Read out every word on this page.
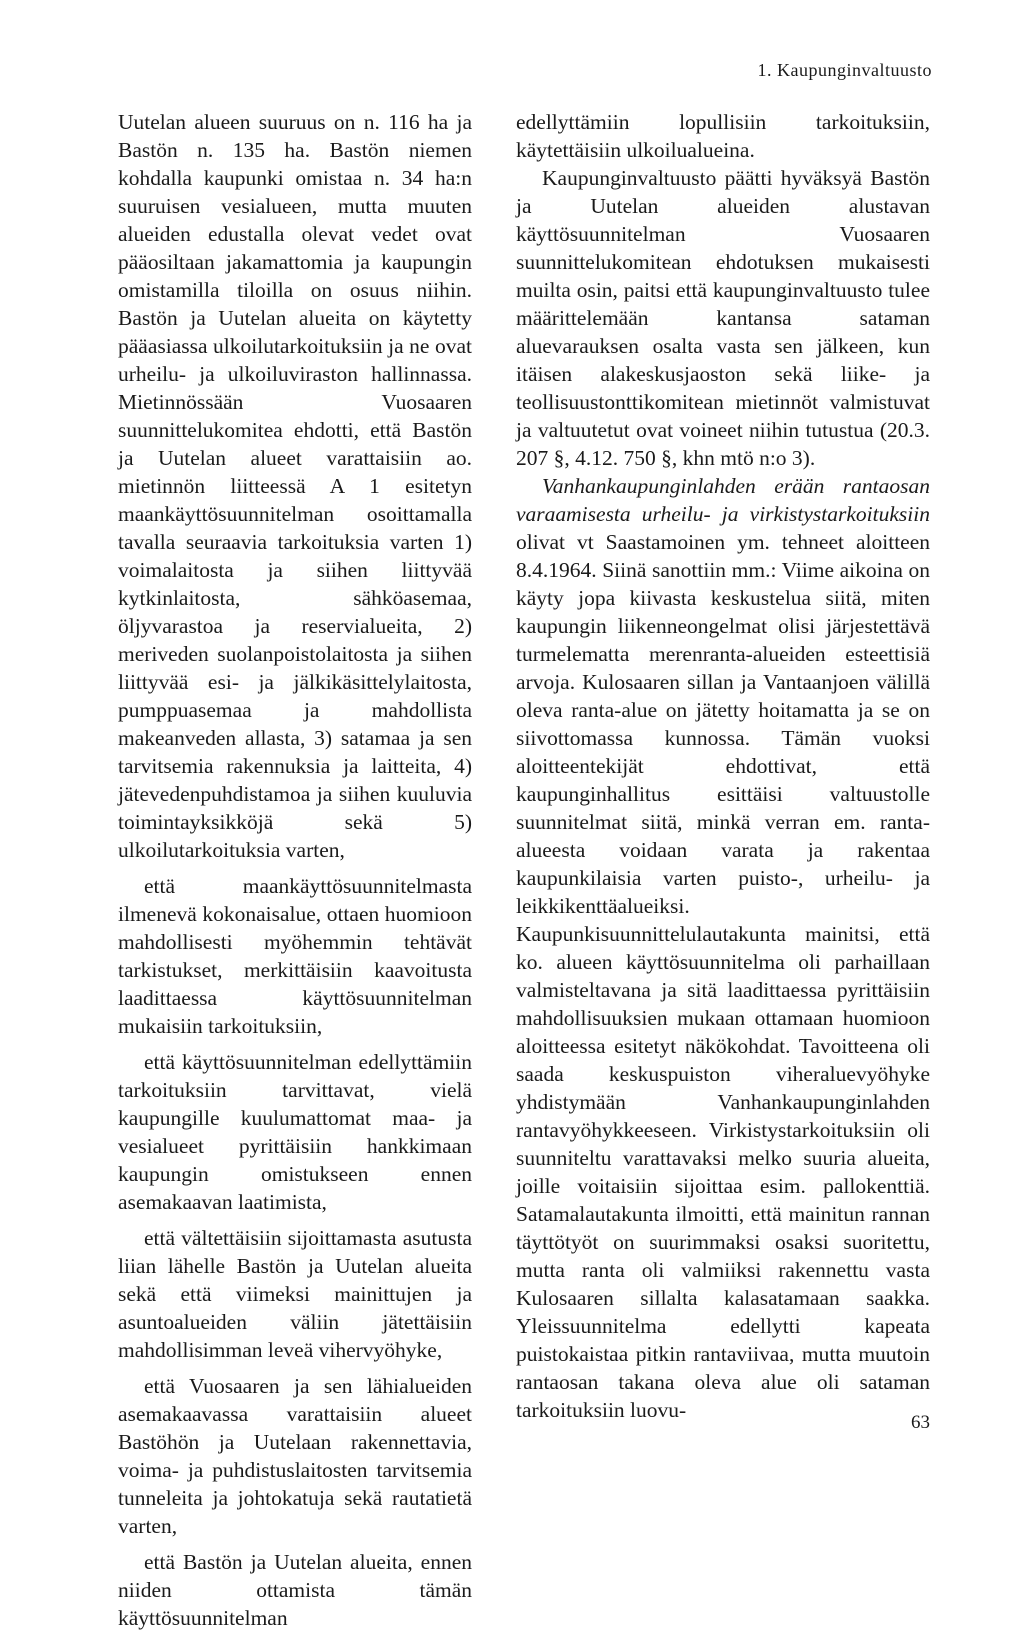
1. Kaupunginvaltuusto

Uutelan alueen suuruus on n. 116 ha ja Bastön n. 135 ha. Bastön niemen kohdalla kaupunki omistaa n. 34 ha:n suuruisen vesialueen, mutta muuten alueiden edustalla olevat vedet ovat pääosiltaan jakamattomia ja kaupungin omistamilla tiloilla on osuus niihin. Bastön ja Uutelan alueita on käytetty pääasiassa ulkoilutarkoituksiin ja ne ovat urheilu- ja ulkoiluviraston hallinnassa. Mietinnössään Vuosaaren suunnittelukomitea ehdotti, että Bastön ja Uutelan alueet varattaisiin ao. mietinnön liitteessä A 1 esitetyn maankäyttösuunnitelman osoittamalla tavalla seuraavia tarkoituksia varten 1) voimalaitosta ja siihen liittyvää kytkinlaitosta, sähköasemaa, öljyvarastoa ja reservialueita, 2) meriveden suolanpoistolaitosta ja siihen liittyvää esi- ja jälkikäsittelylaitosta, pumppuasemaa ja mahdollista makeanveden allasta, 3) satamaa ja sen tarvitsemia rakennuksia ja laitteita, 4) jätevedenpuhdistamoa ja siihen kuuluvia toimintayksikköjä sekä 5) ulkoilutarkoituksia varten,

että maankäyttösuunnitelmasta ilmenevä kokonaisalue, ottaen huomioon mahdollisesti myöhemmin tehtävät tarkistukset, merkittäisiin kaavoitusta laadittaessa käyttösuunnitelman mukaisiin tarkoituksiin,

että käyttösuunnitelman edellyttämiin tarkoituksiin tarvittavat, vielä kaupungille kuulumattomat maa- ja vesialueet pyrittäisiin hankkimaan kaupungin omistukseen ennen asemakaavan laatimista,

että vältettäisiin sijoittamasta asutusta liian lähelle Bastön ja Uutelan alueita sekä että viimeksi mainittujen ja asuntoalueiden väliin jätettäisiin mahdollisimman leveä vihervyöhyke,

että Vuosaaren ja sen lähialueiden asemakaavassa varattaisiin alueet Bastöhön ja Uutelaan rakennettavia, voima- ja puhdistuslaitosten tarvitsemia tunneleita ja johtokatuja sekä rautatietä varten,

että Bastön ja Uutelan alueita, ennen niiden ottamista tämän käyttösuunnitelman

edellyttämiin lopullisiin tarkoituksiin, käytettäisiin ulkoilualueina.

Kaupunginvaltuusto päätti hyväksyä Bastön ja Uutelan alueiden alustavan käyttösuunnitelman Vuosaaren suunnittelukomitean ehdotuksen mukaisesti muilta osin, paitsi että kaupunginvaltuusto tulee määrittelemään kantansa sataman aluevarauksen osalta vasta sen jälkeen, kun itäisen alakeskusjaoston sekä liike- ja teollisuustonttikomitean mietinnöt valmistuvat ja valtuutetut ovat voineet niihin tutustua (20.3. 207 §, 4.12. 750 §, khn mtö n:o 3).

Vanhankaupunginlahden erään rantaosan varaamisesta urheilu- ja virkistystarkoituksiin olivat vt Saastamoinen ym. tehneet aloitteen 8.4.1964. Siinä sanottiin mm.: Viime aikoina on käyty jopa kiivasta keskustelua siitä, miten kaupungin liikenneongelmat olisi järjestettävä turmelematta merenranta-alueiden esteettisiä arvoja. Kulosaaren sillan ja Vantaanjoen välillä oleva ranta-alue on jätetty hoitamatta ja se on siivottomassa kunnossa. Tämän vuoksi aloitteentekijät ehdottivat, että kaupunginhallitus esittäisi valtuustolle suunnitelmat siitä, minkä verran em. ranta-alueesta voidaan varata ja rakentaa kaupunkilaisia varten puisto-, urheilu- ja leikkikenttäalueiksi. Kaupunkisuunnittelulautakunta mainitsi, että ko. alueen käyttösuunnitelma oli parhaillaan valmisteltavana ja sitä laadittaessa pyrittäisiin mahdollisuuksien mukaan ottamaan huomioon aloitteessa esitetyt näkökohdat. Tavoitteena oli saada keskuspuiston viheraluevyöhyke yhdistymään Vanhankaupunginlahden rantavyöhykkeeseen. Virkistystarkoituksiin oli suunniteltu varattavaksi melko suuria alueita, joille voitaisiin sijoittaa esim. pallokenttiä. Satamalautakunta ilmoitti, että mainitun rannan täyttötyöt on suurimmaksi osaksi suoritettu, mutta ranta oli valmiiksi rakennettu vasta Kulosaaren sillalta kalasatamaan saakka. Yleissuunnitelma edellytti kapeata puistokaistaa pitkin rantaviivaa, mutta muutoin rantaosan takana oleva alue oli sataman tarkoituksiin luovu-

63
